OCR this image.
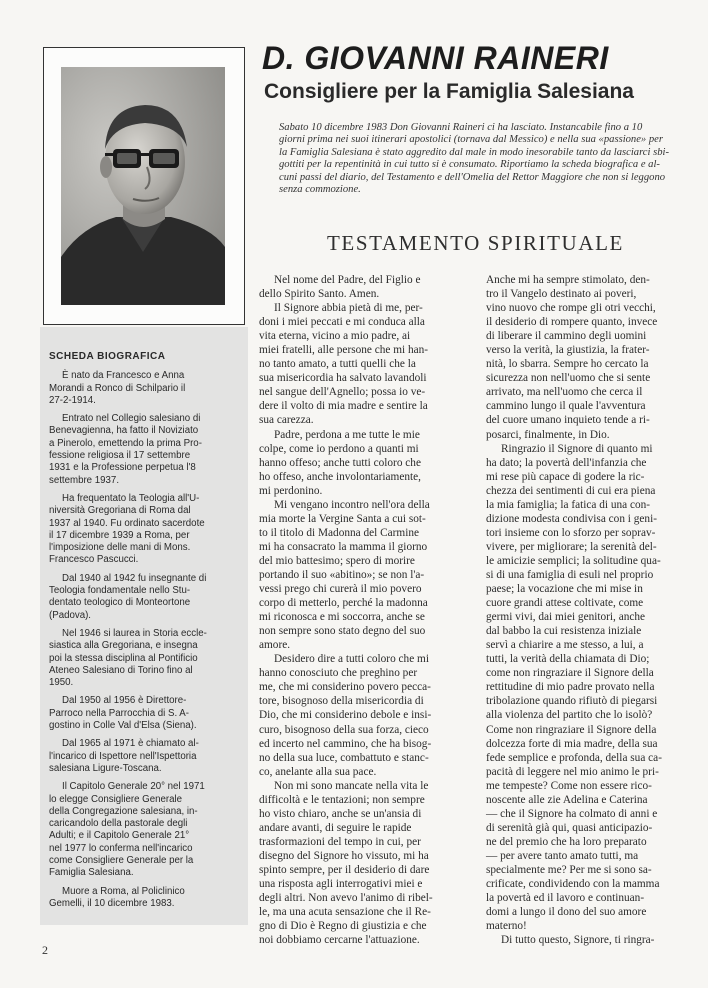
D. GIOVANNI RAINERI
Consigliere per la Famiglia Salesiana
Sabato 10 dicembre 1983 Don Giovanni Raineri ci ha lasciato. Instancabile fino a 10
giorni prima nei suoi itinerari apostolici (tornava dal Messico) e nella sua «passione» per
la Famiglia Salesiana è stato aggredito dal male in modo inesorabile tanto da lasciarci sbi-
gottiti per la repentinità in cui tutto si è consumato. Riportiamo la scheda biografica e al-
cuni passi del diario, del Testamento e dell'Omelia del Rettor Maggiore che non si leggono
senza commozione.
TESTAMENTO SPIRITUALE
SCHEDA BIOGRAFICA
È nato da Francesco e Anna
Morandi a Ronco di Schilpario il
27-2-1914.
Entrato nel Collegio salesiano di
Benevagienna, ha fatto il Noviziato
a Pinerolo, emettendo la prima Pro-
fessione religiosa il 17 settembre
1931 e la Professione perpetua l'8
settembre 1937.
Ha frequentato la Teologia all'U-
niversità Gregoriana di Roma dal
1937 al 1940. Fu ordinato sacerdote
il 17 dicembre 1939 a Roma, per
l'imposizione delle mani di Mons.
Francesco Pascucci.
Dal 1940 al 1942 fu insegnante di
Teologia fondamentale nello Stu-
dentato teologico di Monteortone
(Padova).
Nel 1946 si laurea in Storia eccle-
siastica alla Gregoriana, e insegna
poi la stessa disciplina al Pontificio
Ateneo Salesiano di Torino fino al
1950.
Dal 1950 al 1956 è Direttore-
Parroco nella Parrocchia di S. A-
gostino in Colle Val d'Elsa (Siena).
Dal 1965 al 1971 è chiamato al-
l'incarico di Ispettore nell'Ispettoria
salesiana Ligure-Toscana.
Il Capitolo Generale 20° nel 1971
lo elegge Consigliere Generale
della Congregazione salesiana, in-
caricandolo della pastorale degli
Adulti; e il Capitolo Generale 21°
nel 1977 lo conferma nell'incarico
come Consigliere Generale per la
Famiglia Salesiana.
Muore a Roma, al Policlinico
Gemelli, il 10 dicembre 1983.
Nel nome del Padre, del Figlio e
dello Spirito Santo. Amen.
Il Signore abbia pietà di me, per-
doni i miei peccati e mi conduca alla
vita eterna, vicino a mio padre, ai
miei fratelli, alle persone che mi han-
no tanto amato, a tutti quelli che la
sua misericordia ha salvato lavandoli
nel sangue dell'Agnello; possa io ve-
dere il volto di mia madre e sentire la
sua carezza.
Padre, perdona a me tutte le mie
colpe, come io perdono a quanti mi
hanno offeso; anche tutti coloro che
ho offeso, anche involontariamente,
mi perdonino.
Mi vengano incontro nell'ora della
mia morte la Vergine Santa a cui sot-
to il titolo di Madonna del Carmine
mi ha consacrato la mamma il giorno
del mio battesimo; spero di morire
portando il suo «abitino»; se non l'a-
vessi prego chi curerà il mio povero
corpo di metterlo, perché la madonna
mi riconosca e mi soccorra, anche se
non sempre sono stato degno del suo
amore.
Desidero dire a tutti coloro che mi
hanno conosciuto che preghino per
me, che mi considerino povero pecca-
tore, bisognoso della misericordia di
Dio, che mi considerino debole e insi-
curo, bisognoso della sua forza, cieco
ed incerto nel cammino, che ha bisog-
no della sua luce, combattuto e stanc-
co, anelante alla sua pace.
Non mi sono mancate nella vita le
difficoltà e le tentazioni; non sempre
ho visto chiaro, anche se un'ansia di
andare avanti, di seguire le rapide
trasformazioni del tempo in cui, per
disegno del Signore ho vissuto, mi ha
spinto sempre, per il desiderio di dare
una risposta agli interrogativi miei e
degli altri. Non avevo l'animo di ribel-
le, ma una acuta sensazione che il Re-
gno di Dio è Regno di giustizia e che
noi dobbiamo cercarne l'attuazione.
Anche mi ha sempre stimolato, den-
tro il Vangelo destinato ai poveri,
vino nuovo che rompe gli otri vecchi,
il desiderio di rompere quanto, invece
di liberare il cammino degli uomini
verso la verità, la giustizia, la frater-
nità, lo sbarra. Sempre ho cercato la
sicurezza non nell'uomo che si sente
arrivato, ma nell'uomo che cerca il
cammino lungo il quale l'avventura
del cuore umano inquieto tende a ri-
posarci, finalmente, in Dio.
Ringrazio il Signore di quanto mi
ha dato; la povertà dell'infanzia che
mi rese più capace di godere la ric-
chezza dei sentimenti di cui era piena
la mia famiglia; la fatica di una con-
dizione modesta condivisa con i geni-
tori insieme con lo sforzo per soprav-
vivere, per migliorare; la serenità del-
le amicizie semplici; la solitudine qua-
si di una famiglia di esuli nel proprio
paese; la vocazione che mi mise in
cuore grandi attese coltivate, come
germi vivi, dai miei genitori, anche
dal babbo la cui resistenza iniziale
servì a chiarire a me stesso, a lui, a
tutti, la verità della chiamata di Dio;
come non ringraziare il Signore della
rettitudine di mio padre provato nella
tribolazione quando rifiutò di piegarsi
alla violenza del partito che lo isolò?
Come non ringraziare il Signore della
dolcezza forte di mia madre, della sua
fede semplice e profonda, della sua ca-
pacità di leggere nel mio animo le pri-
me tempeste? Come non essere rico-
noscente alle zie Adelina e Caterina
— che il Signore ha colmato di anni e
di serenità già qui, quasi anticipazio-
ne del premio che ha loro preparato
— per avere tanto amato tutti, ma
specialmente me? Per me si sono sa-
crificate, condividendo con la mamma
la povertà ed il lavoro e continuan-
domi a lungo il dono del suo amore
materno!
Di tutto questo, Signore, ti ringra-
2
